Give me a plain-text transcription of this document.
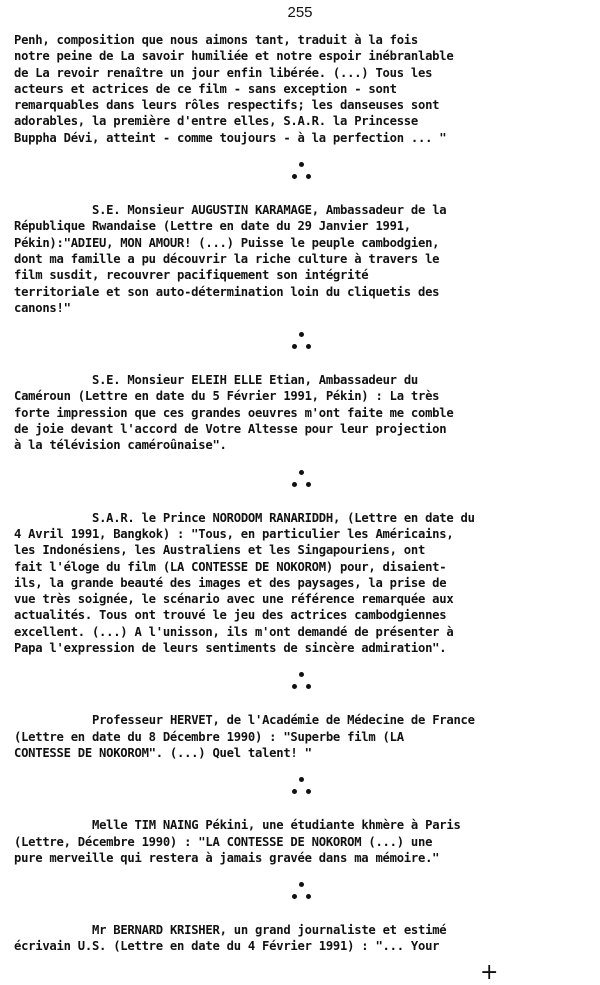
255

Penh, composition que nous aimons tant, traduit à la fois

notre peine de La savoir humiliée et notre espoir inébranlable

de La revoir renaître un jour enfin libérée. (...) Tous les

acteurs et actrices de ce film - sans exception - sont

remarquables dans leurs rôles respectifs; les danseuses sont

adorables, la première d'entre elles, S.A.R. la Princesse

Buppha Dévi, atteint - comme toujours - à la perfection ... "

S.E. Monsieur AUGUSTIN KARAMAGE, Ambassadeur de la

République Rwandaise (Lettre en date du 29 Janvier 1991,

Pékin):"ADIEU, MON AMOUR! (...) Puisse le peuple cambodgien,

dont ma famille a pu découvrir la riche culture à travers le

film susdit, recouvrer pacifiquement son intégrité

territoriale et son auto-détermination loin du cliquetis des

canons!"

S.E. Monsieur ELEIH ELLE Etian, Ambassadeur du

Caméroun (Lettre en date du 5 Février 1991, Pékin) : La très

forte impression que ces grandes oeuvres m'ont faite me comble

de joie devant l'accord de Votre Altesse pour leur projection

à la télévision caméroûnaise".

S.A.R. le Prince NORODOM RANARIDDH, (Lettre en date du

4 Avril 1991, Bangkok) : "Tous, en particulier les Américains,

les Indonésiens, les Australiens et les Singapouriens, ont

fait l'éloge du film (LA CONTESSE DE NOKOROM) pour, disaient-

ils, la grande beauté des images et des paysages, la prise de

vue très soignée, le scénario avec une référence remarquée aux

actualités. Tous ont trouvé le jeu des actrices cambodgiennes

excellent. (...) A l'unisson, ils m'ont demandé de présenter à

Papa l'expression de leurs sentiments de sincère admiration".

Professeur HERVET, de l'Académie de Médecine de France

(Lettre en date du 8 Décembre 1990) : "Superbe film (LA

CONTESSE DE NOKOROM". (...) Quel talent! "

Melle TIM NAING Pékini, une étudiante khmère à Paris

(Lettre, Décembre 1990) : "LA CONTESSE DE NOKOROM (...) une

pure merveille qui restera à jamais gravée dans ma mémoire."

Mr BERNARD KRISHER, un grand journaliste et estimé

écrivain U.S. (Lettre en date du 4 Février 1991) : "... Your

+
